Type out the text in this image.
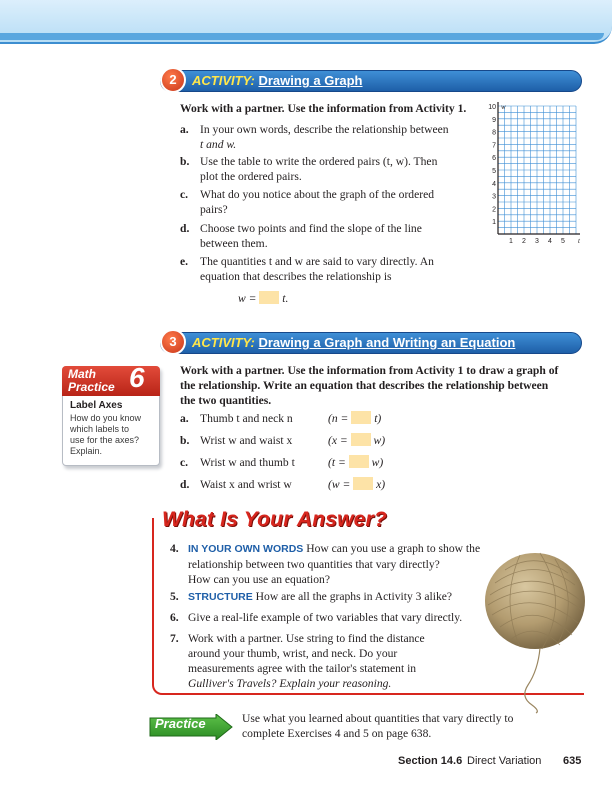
2	ACTIVITY: Drawing a Graph
Work with a partner. Use the information from Activity 1.
a. In your own words, describe the relationship between
t and w.
b. Use the table to write the ordered pairs (t, w). Then
plot the ordered pairs.
c. What do you notice about the graph of the ordered
pairs?
d. Choose two points and find the slope of the line
between them.
e. The quantities t and w are said to vary directly. An
equation that describes the relationship is
w = t.
1
2
3
4
5
6
7
8
9
10
1 2 3 4 5
w
t
3	ACTIVITY: Drawing a Graph and Writing an Equation
Work with a partner. Use the information from Activity 1 to draw a graph of
the relationship. Write an equation that describes the relationship between
the two quantities.
a. Thumb t and neck n	(n = t)
b. Wrist w and waist x	(x = w)
c. Wrist w and thumb t	(t = w)
d. Waist x and wrist w	(w = x)
Math
Practice 6
Label Axes
How do you know
which labels to
use for the axes?
Explain.
What Is Your Answer?
4. IN YOUR OWN WORDS How can you use a graph to show the
relationship between two quantities that vary directly?
How can you use an equation?
5. STRUCTURE How are all the graphs in Activity 3 alike?
6. Give a real-life example of two variables that vary directly.
7. Work with a partner. Use string to find the distance
around your thumb, wrist, and neck. Do your
measurements agree with the tailor's statement in
Gulliver's Travels? Explain your reasoning.
Practice	Use what you learned about quantities that vary directly to
complete Exercises 4 and 5 on page 638.
Section 14.6 Direct Variation 635
